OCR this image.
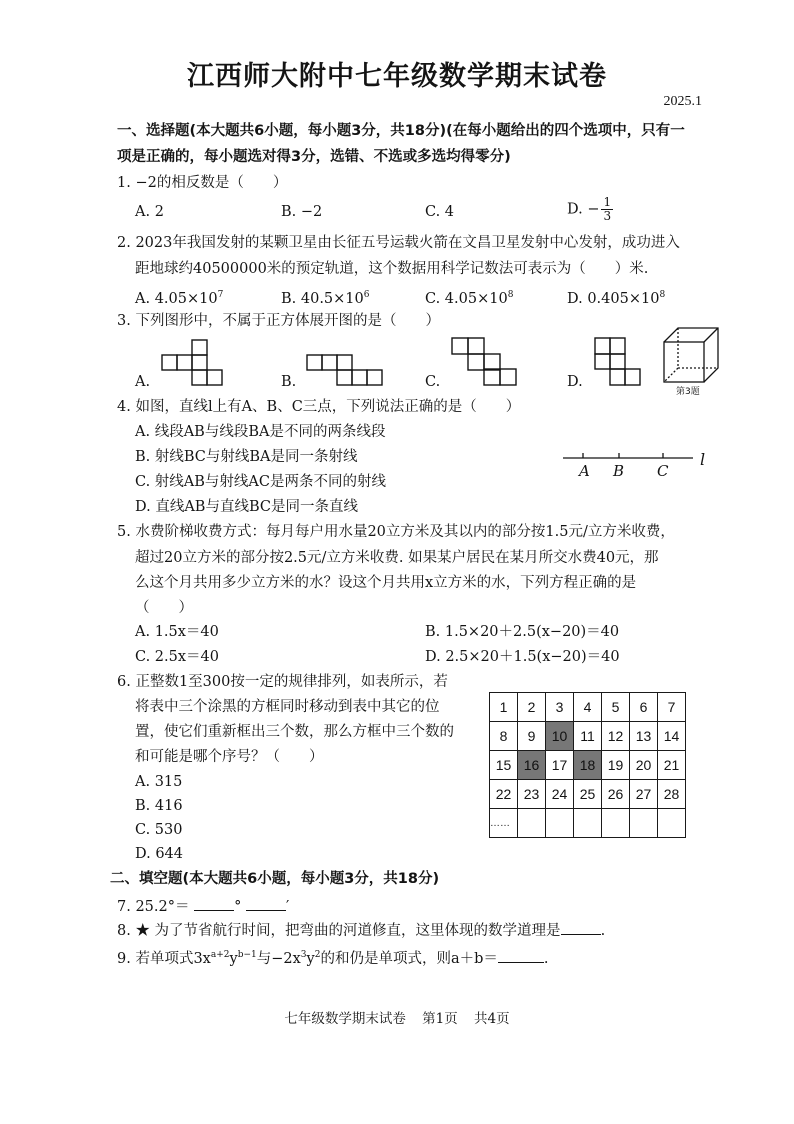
江西师大附中七年级数学期末试卷
2025.1
一、选择题(本大题共6小题，每小题3分，共18分)(在每小题给出的四个选项中，只有一
项是正确的，每小题选对得3分，选错、不选或多选均得零分)
1. −2的相反数是（　　）
A. 2	B. −2	C. 4	D. − $\frac{1}{3}$
2. 2023年我国发射的某颗卫星由长征五号运载火箭在文昌卫星发射中心发射，成功进入
距地球约40500000米的预定轨道，这个数据用科学记数法可表示为（　　）米.
A. $4.05\times 10^7$	B. $40.5\times 10^6$	C. $4.05\times 10^8$	D. $0.405\times 10^8$
3. 下列图形中，不属于正方体展开图的是（　　）
A.	B.	C.	D.
第3题
4. 如图，直线l上有A、B、C三点，下列说法正确的是（　　）
A. 线段AB与线段BA是不同的两条线段
B. 射线BC与射线BA是同一条射线
C. 射线AB与射线AC是两条不同的射线
D. 直线AB与直线BC是同一条直线
A B C
l
5. 水费阶梯收费方式：每月每户用水量20立方米及其以内的部分按1.5元/立方米收费，
超过20立方米的部分按2.5元/立方米收费. 如果某户居民在某月所交水费40元，那
么这个月共用多少立方米的水？设这个月共用x立方米的水，下列方程正确的是
（　　）
A. 1.5x＝40	B. 1.5×20＋2.5(x−20)＝40
C. 2.5x＝40	D. 2.5×20＋1.5(x−20)＝40
6. 正整数1至300按一定的规律排列，如表所示，若
将表中三个涂黑的方框同时移动到表中其它的位
置，使它们重新框出三个数，那么方框中三个数的
和可能是哪个序号？（　　）
A. 315
B. 416
C. 530
D. 644
1	2	3	4	5	6	7
8	9	10	11	12	13	14
15	16	17	18	19	20	21
22	23	24	25	26	27	28
……						
二、填空题(本大题共6小题，每小题3分，共18分)
7. 25.2°＝	°	′
8. ★ 为了节省航行时间，把弯曲的河道修直，这里体现的数学道理是	.
9. 若单项式$3x^{a+2}y^{b-1}$与$-2x^3y^2$的和仍是单项式，则a＋b＝	.
七年级数学期末试卷 第1页 共4页
